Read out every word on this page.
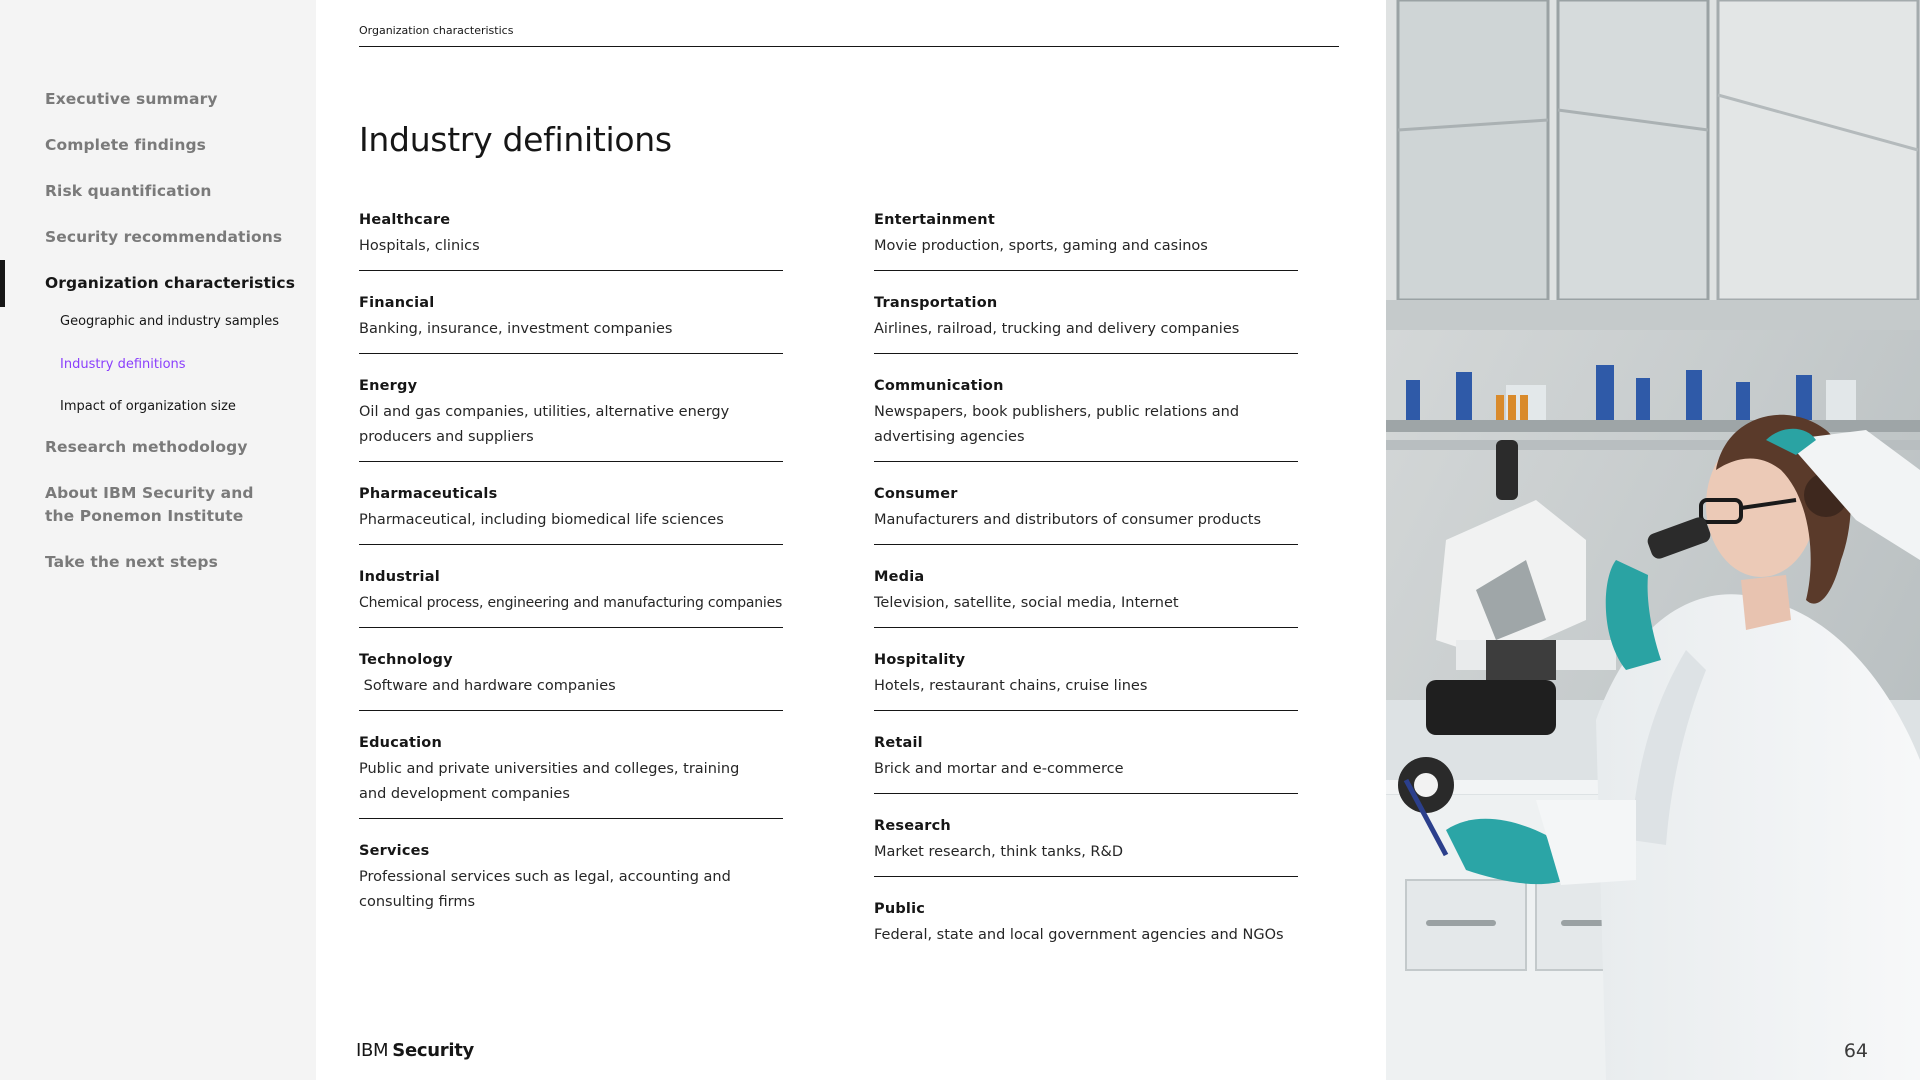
Executive summary
Complete findings
Risk quantification
Security recommendations
Organization characteristics
Geographic and industry samples
Industry definitions
Impact of organization size
Research methodology
About IBM Security and the Ponemon Institute
Take the next steps
Organization characteristics
Industry definitions
Healthcare
Hospitals, clinics
Financial
Banking, insurance, investment companies
Energy
Oil and gas companies, utilities, alternative energy producers and suppliers
Pharmaceuticals
Pharmaceutical, including biomedical life sciences
Industrial
Chemical process, engineering and manufacturing companies
Technology
Software and hardware companies
Education
Public and private universities and colleges, training and development companies
Services
Professional services such as legal, accounting and consulting firms
Entertainment
Movie production, sports, gaming and casinos
Transportation
Airlines, railroad, trucking and delivery companies
Communication
Newspapers, book publishers, public relations and advertising agencies
Consumer
Manufacturers and distributors of consumer products
Media
Television, satellite, social media, Internet
Hospitality
Hotels, restaurant chains, cruise lines
Retail
Brick and mortar and e-commerce
Research
Market research, think tanks, R&D
Public
Federal, state and local government agencies and NGOs
IBM Security	64
